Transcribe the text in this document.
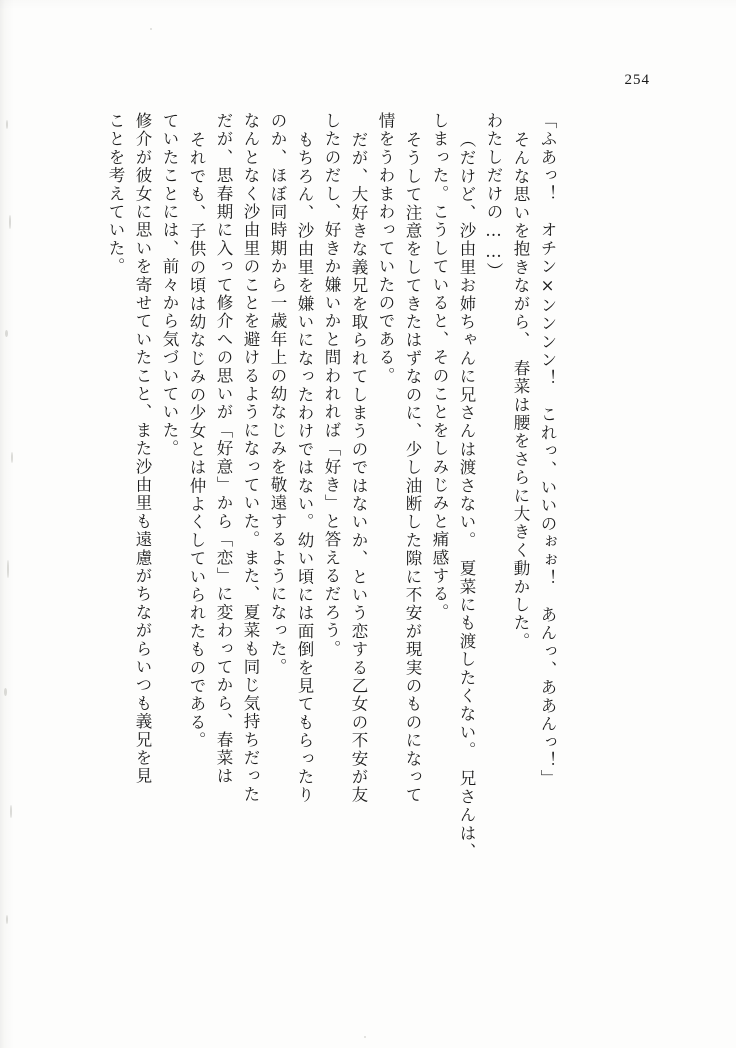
254
ことを考えていた。 修介が彼女に思いを寄せていたこと、また沙由里も遠慮がちながらいつも義兄を見 ていたことには、前々から気づいていた。 それでも、子供の頃は幼なじみの少女とは仲よくしていられたものである。 だが、思春期に入って修介への思いが「好意」から「恋」に変わってから、春菜は なんとなく沙由里のことを避けるようになっていた。また、夏菜も同じ気持ちだった のか、ほぼ同時期から一歳年上の幼なじみを敬遠するようになった。 もちろん、沙由里を嫌いになったわけではない。幼い頃には面倒を見てもらったり したのだし、好きか嫌いかと問われれば「好き」と答えるだろう。 だが、大好きな義兄を取られてしまうのではないか、という恋する乙女の不安が友 情をうわまわっていたのである。 そうして注意をしてきたはずなのに、少し油断した隙に不安が現実のものになって しまった。こうしていると、そのことをしみじみと痛感する。 （だけど、沙由里お姉ちゃんに兄さんは渡さない。　夏菜にも渡したくない。　兄さんは、 わたしだけの……） そんな思いを抱きながら、　春菜は腰をさらに大きく動かした。 「ふあっ！　オチン×ンンンン！　これっ、いいのぉぉ！　あんっ、ああんっ！」
